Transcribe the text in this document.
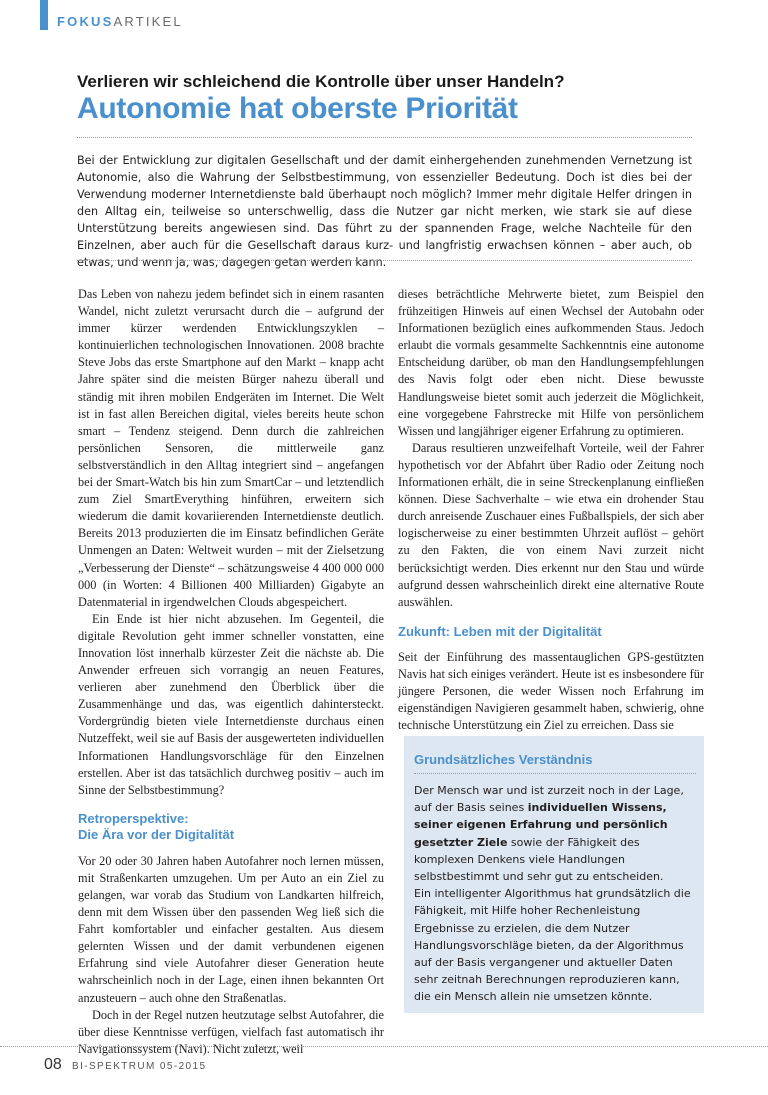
FOKUSARTIKEL
Verlieren wir schleichend die Kontrolle über unser Handeln?
Autonomie hat oberste Priorität
Bei der Entwicklung zur digitalen Gesellschaft und der damit einhergehenden zunehmenden Vernetzung ist Autonomie, also die Wahrung der Selbstbestimmung, von essenzieller Bedeutung. Doch ist dies bei der Verwendung moderner Internetdienste bald überhaupt noch möglich? Immer mehr digitale Helfer dringen in den Alltag ein, teilweise so unterschwellig, dass die Nutzer gar nicht merken, wie stark sie auf diese Unterstützung bereits angewiesen sind. Das führt zu der spannenden Frage, welche Nachteile für den Einzelnen, aber auch für die Gesellschaft daraus kurz- und langfristig erwachsen können – aber auch, ob etwas, und wenn ja, was, dagegen getan werden kann.

Das Leben von nahezu jedem befindet sich in einem rasanten Wandel, nicht zuletzt verursacht durch die – aufgrund der immer kürzer werdenden Entwicklungszyklen – kontinuierlichen technologischen Innovationen. 2008 brachte Steve Jobs das erste Smartphone auf den Markt – knapp acht Jahre später sind die meisten Bürger nahezu überall und ständig mit ihren mobilen Endgeräten im Internet. Die Welt ist in fast allen Bereichen digital, vieles bereits heute schon smart – Tendenz steigend. Denn durch die zahlreichen persönlichen Sensoren, die mittlerweile ganz selbstverständlich in den Alltag integriert sind – angefangen bei der Smart-Watch bis hin zum SmartCar – und letztendlich zum Ziel SmartEverything hinführen, erweitern sich wiederum die damit kovariierenden Internetdienste deutlich. Bereits 2013 produzierten die im Einsatz befindlichen Geräte Unmengen an Daten: Weltweit wurden – mit der Zielsetzung „Verbesserung der Dienste“ – schätzungsweise 4 400 000 000 000 (in Worten: 4 Billionen 400 Milliarden) Gigabyte an Datenmaterial in irgendwelchen Clouds abgespeichert.

Ein Ende ist hier nicht abzusehen. Im Gegenteil, die digitale Revolution geht immer schneller vonstatten, eine Innovation löst innerhalb kürzester Zeit die nächste ab. Die Anwender erfreuen sich vorrangig an neuen Features, verlieren aber zunehmend den Überblick über die Zusammenhänge und das, was eigentlich dahintersteckt. Vordergründig bieten viele Internetdienste durchaus einen Nutzeffekt, weil sie auf Basis der ausgewerteten individuellen Informationen Handlungsvorschläge für den Einzelnen erstellen. Aber ist das tatsächlich durchweg positiv – auch im Sinne der Selbstbestimmung?

Retroperspektive:
Die Ära vor der Digitalität

Vor 20 oder 30 Jahren haben Autofahrer noch lernen müssen, mit Straßenkarten umzugehen. Um per Auto an ein Ziel zu gelangen, war vorab das Studium von Landkarten hilfreich, denn mit dem Wissen über den passenden Weg ließ sich die Fahrt komfortabler und einfacher gestalten. Aus diesem gelernten Wissen und der damit verbundenen eigenen Erfahrung sind viele Autofahrer dieser Generation heute wahrscheinlich noch in der Lage, einen ihnen bekannten Ort anzusteuern – auch ohne den Straßenatlas.

Doch in der Regel nutzen heutzutage selbst Autofahrer, die über diese Kenntnisse verfügen, vielfach fast automatisch ihr Navigationssystem (Navi). Nicht zuletzt, weil

dieses beträchtliche Mehrwerte bietet, zum Beispiel den frühzeitigen Hinweis auf einen Wechsel der Autobahn oder Informationen bezüglich eines aufkommenden Staus. Jedoch erlaubt die vormals gesammelte Sachkenntnis eine autonome Entscheidung darüber, ob man den Handlungsempfehlungen des Navis folgt oder eben nicht. Diese bewusste Handlungsweise bietet somit auch jederzeit die Möglichkeit, eine vorgegebene Fahrstrecke mit Hilfe von persönlichem Wissen und langjähriger eigener Erfahrung zu optimieren.

Daraus resultieren unzweifelhaft Vorteile, weil der Fahrer hypothetisch vor der Abfahrt über Radio oder Zeitung noch Informationen erhält, die in seine Streckenplanung einfließen können. Diese Sachverhalte – wie etwa ein drohender Stau durch anreisende Zuschauer eines Fußballspiels, der sich aber logischerweise zu einer bestimmten Uhrzeit auflöst – gehört zu den Fakten, die von einem Navi zurzeit nicht berücksichtigt werden. Dies erkennt nur den Stau und würde aufgrund dessen wahrscheinlich direkt eine alternative Route auswählen.

Zukunft: Leben mit der Digitalität

Seit der Einführung des massentauglichen GPS-gestützten Navis hat sich einiges verändert. Heute ist es insbesondere für jüngere Personen, die weder Wissen noch Erfahrung im eigenständigen Navigieren gesammelt haben, schwierig, ohne technische Unterstützung ein Ziel zu erreichen. Dass sie

Grundsätzliches Verständnis

Der Mensch war und ist zurzeit noch in der Lage, auf der Basis seines individuellen Wissens, seiner eigenen Erfahrung und persönlich gesetzter Ziele sowie der Fähigkeit des komplexen Denkens viele Handlungen selbstbestimmt und sehr gut zu entscheiden.

Ein intelligenter Algorithmus hat grundsätzlich die Fähigkeit, mit Hilfe hoher Rechenleistung Ergebnisse zu erzielen, die dem Nutzer Handlungsvorschläge bieten, da der Algorithmus auf der Basis vergangener und aktueller Daten sehr zeitnah Berechnungen reproduzieren kann, die ein Mensch allein nie umsetzen könnte.

08 BI-SPEKTRUM 05-2015
